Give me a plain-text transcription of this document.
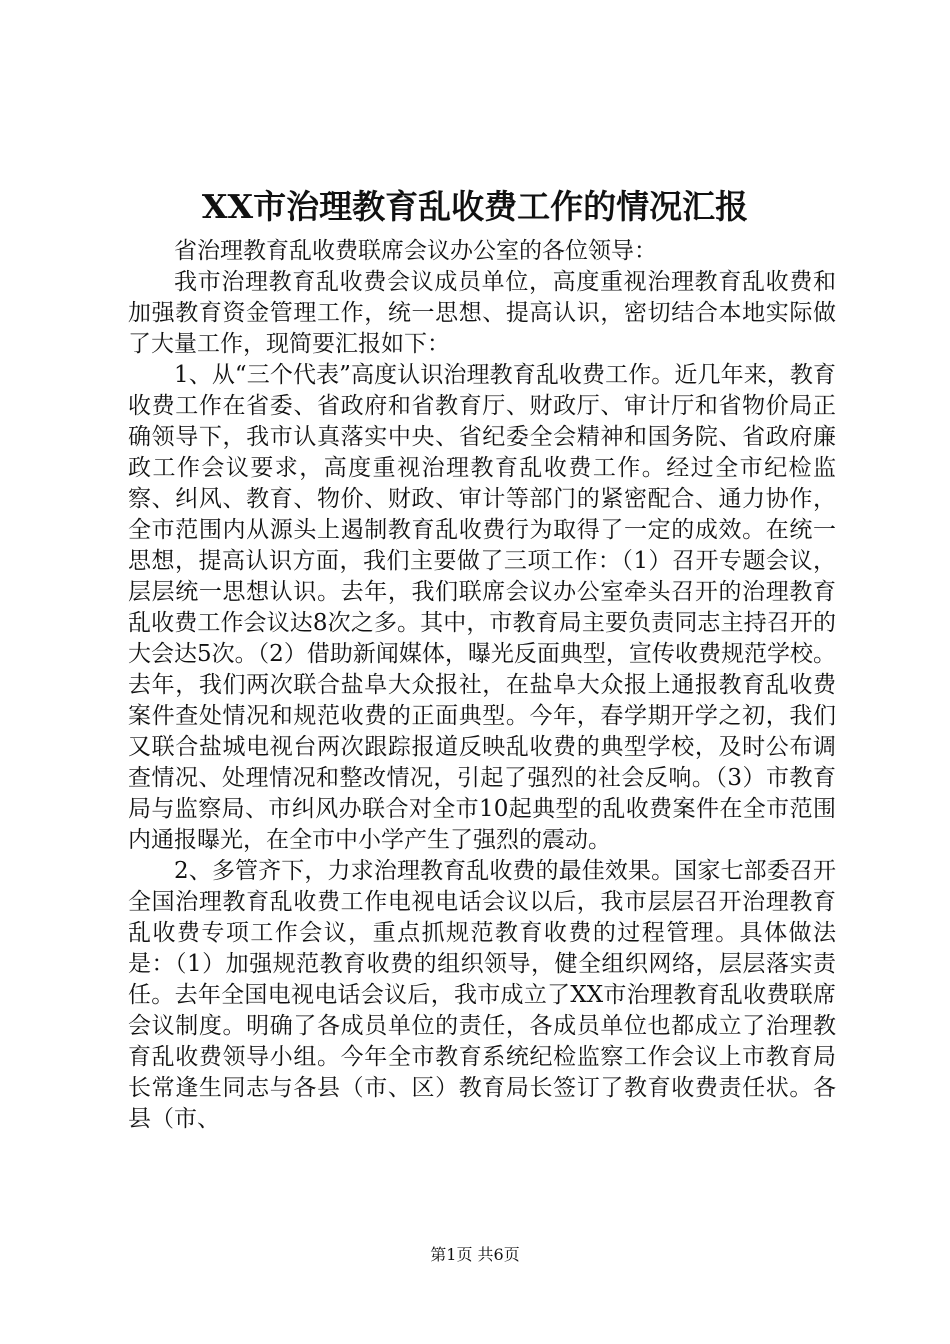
XX市治理教育乱收费工作的情况汇报

省治理教育乱收费联席会议办公室的各位领导：

我市治理教育乱收费会议成员单位，高度重视治理教育乱收费和加强教育资金管理工作，统一思想、提高认识，密切结合本地实际做了大量工作，现简要汇报如下：

1、从“三个代表”高度认识治理教育乱收费工作。近几年来，教育收费工作在省委、省政府和省教育厅、财政厅、审计厅和省物价局正确领导下，我市认真落实中央、省纪委全会精神和国务院、省政府廉政工作会议要求，高度重视治理教育乱收费工作。经过全市纪检监察、纠风、教育、物价、财政、审计等部门的紧密配合、通力协作，全市范围内从源头上遏制教育乱收费行为取得了一定的成效。在统一思想，提高认识方面，我们主要做了三项工作：（1）召开专题会议，层层统一思想认识。去年，我们联席会议办公室牵头召开的治理教育乱收费工作会议达8次之多。其中，市教育局主要负责同志主持召开的大会达5次。（2）借助新闻媒体，曝光反面典型，宣传收费规范学校。去年，我们两次联合盐阜大众报社，在盐阜大众报上通报教育乱收费案件查处情况和规范收费的正面典型。今年，春学期开学之初，我们又联合盐城电视台两次跟踪报道反映乱收费的典型学校，及时公布调查情况、处理情况和整改情况，引起了强烈的社会反响。（3）市教育局与监察局、市纠风办联合对全市10起典型的乱收费案件在全市范围内通报曝光，在全市中小学产生了强烈的震动。

2、多管齐下，力求治理教育乱收费的最佳效果。国家七部委召开全国治理教育乱收费工作电视电话会议以后，我市层层召开治理教育乱收费专项工作会议，重点抓规范教育收费的过程管理。具体做法是：（1）加强规范教育收费的组织领导，健全组织网络，层层落实责任。去年全国电视电话会议后，我市成立了XX市治理教育乱收费联席会议制度。明确了各成员单位的责任，各成员单位也都成立了治理教育乱收费领导小组。今年全市教育系统纪检监察工作会议上市教育局长常逢生同志与各县（市、区）教育局长签订了教育收费责任状。各县（市、

第1页 共6页
